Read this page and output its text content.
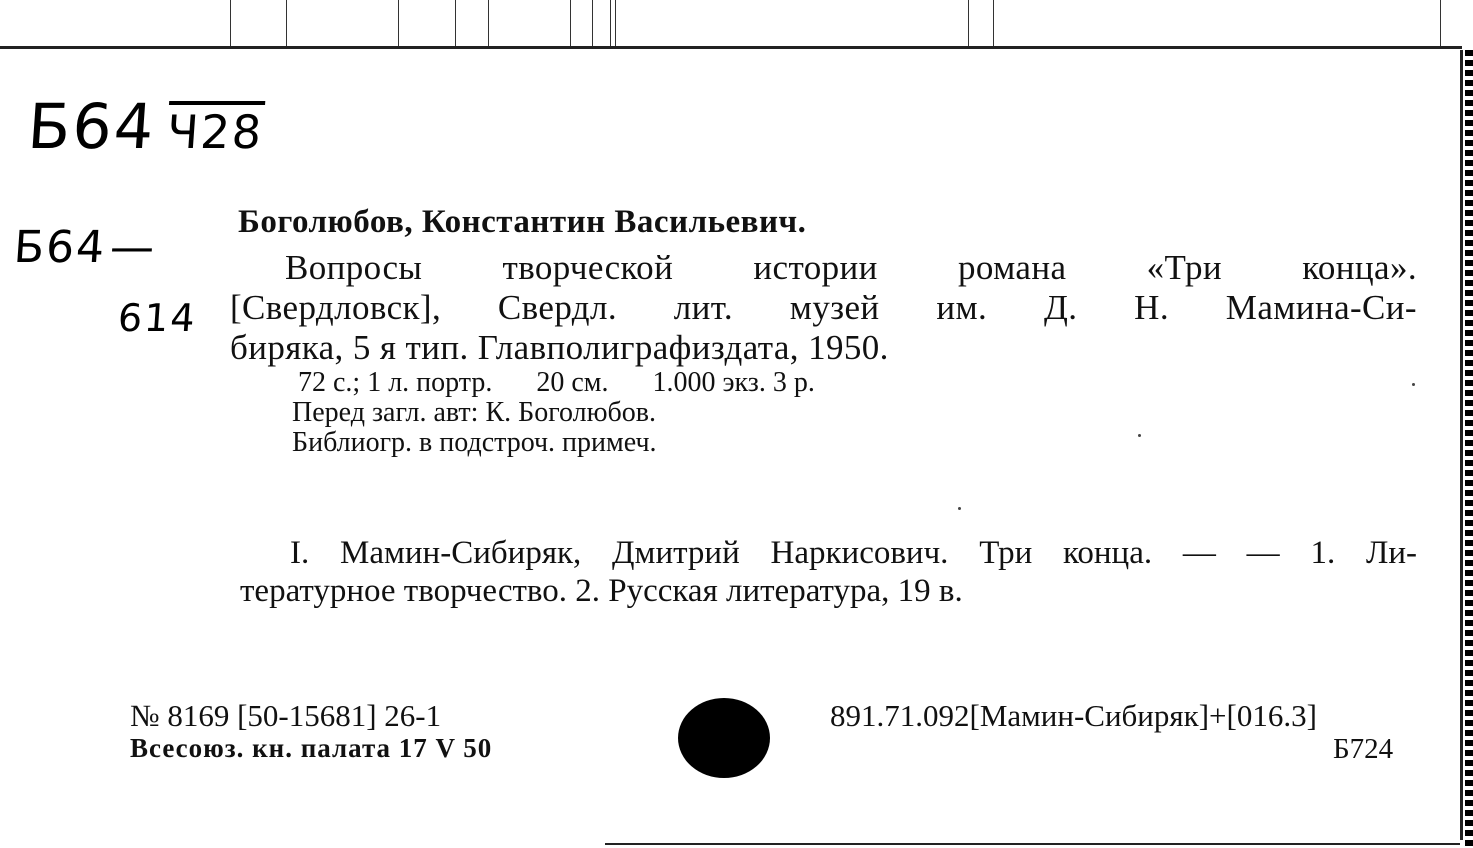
Б64 Ч28
Б64—
614
Боголюбов, Константин Васильевич.
Вопросы творческой истории романа «Три конца».
[Свердловск], Свердл. лит. музей им. Д. Н. Мамина-Си-
биряка, 5 я тип. Главполиграфиздата, 1950.
72 с.; 1 л. портр. 20 см. 1.000 экз. 3 р.
Перед загл. авт: К. Боголюбов.
Библиогр. в подстроч. примеч.
I. Мамин-Сибиряк, Дмитрий Наркисович. Три конца. — — 1. Ли-
тературное творчество. 2. Русская литература, 19 в.
№ 8169 [50-15681] 26-1
Всесоюз. кн. палата 17 V 50
891.71.092[Мамин-Сибиряк]+[016.3]
Б724
